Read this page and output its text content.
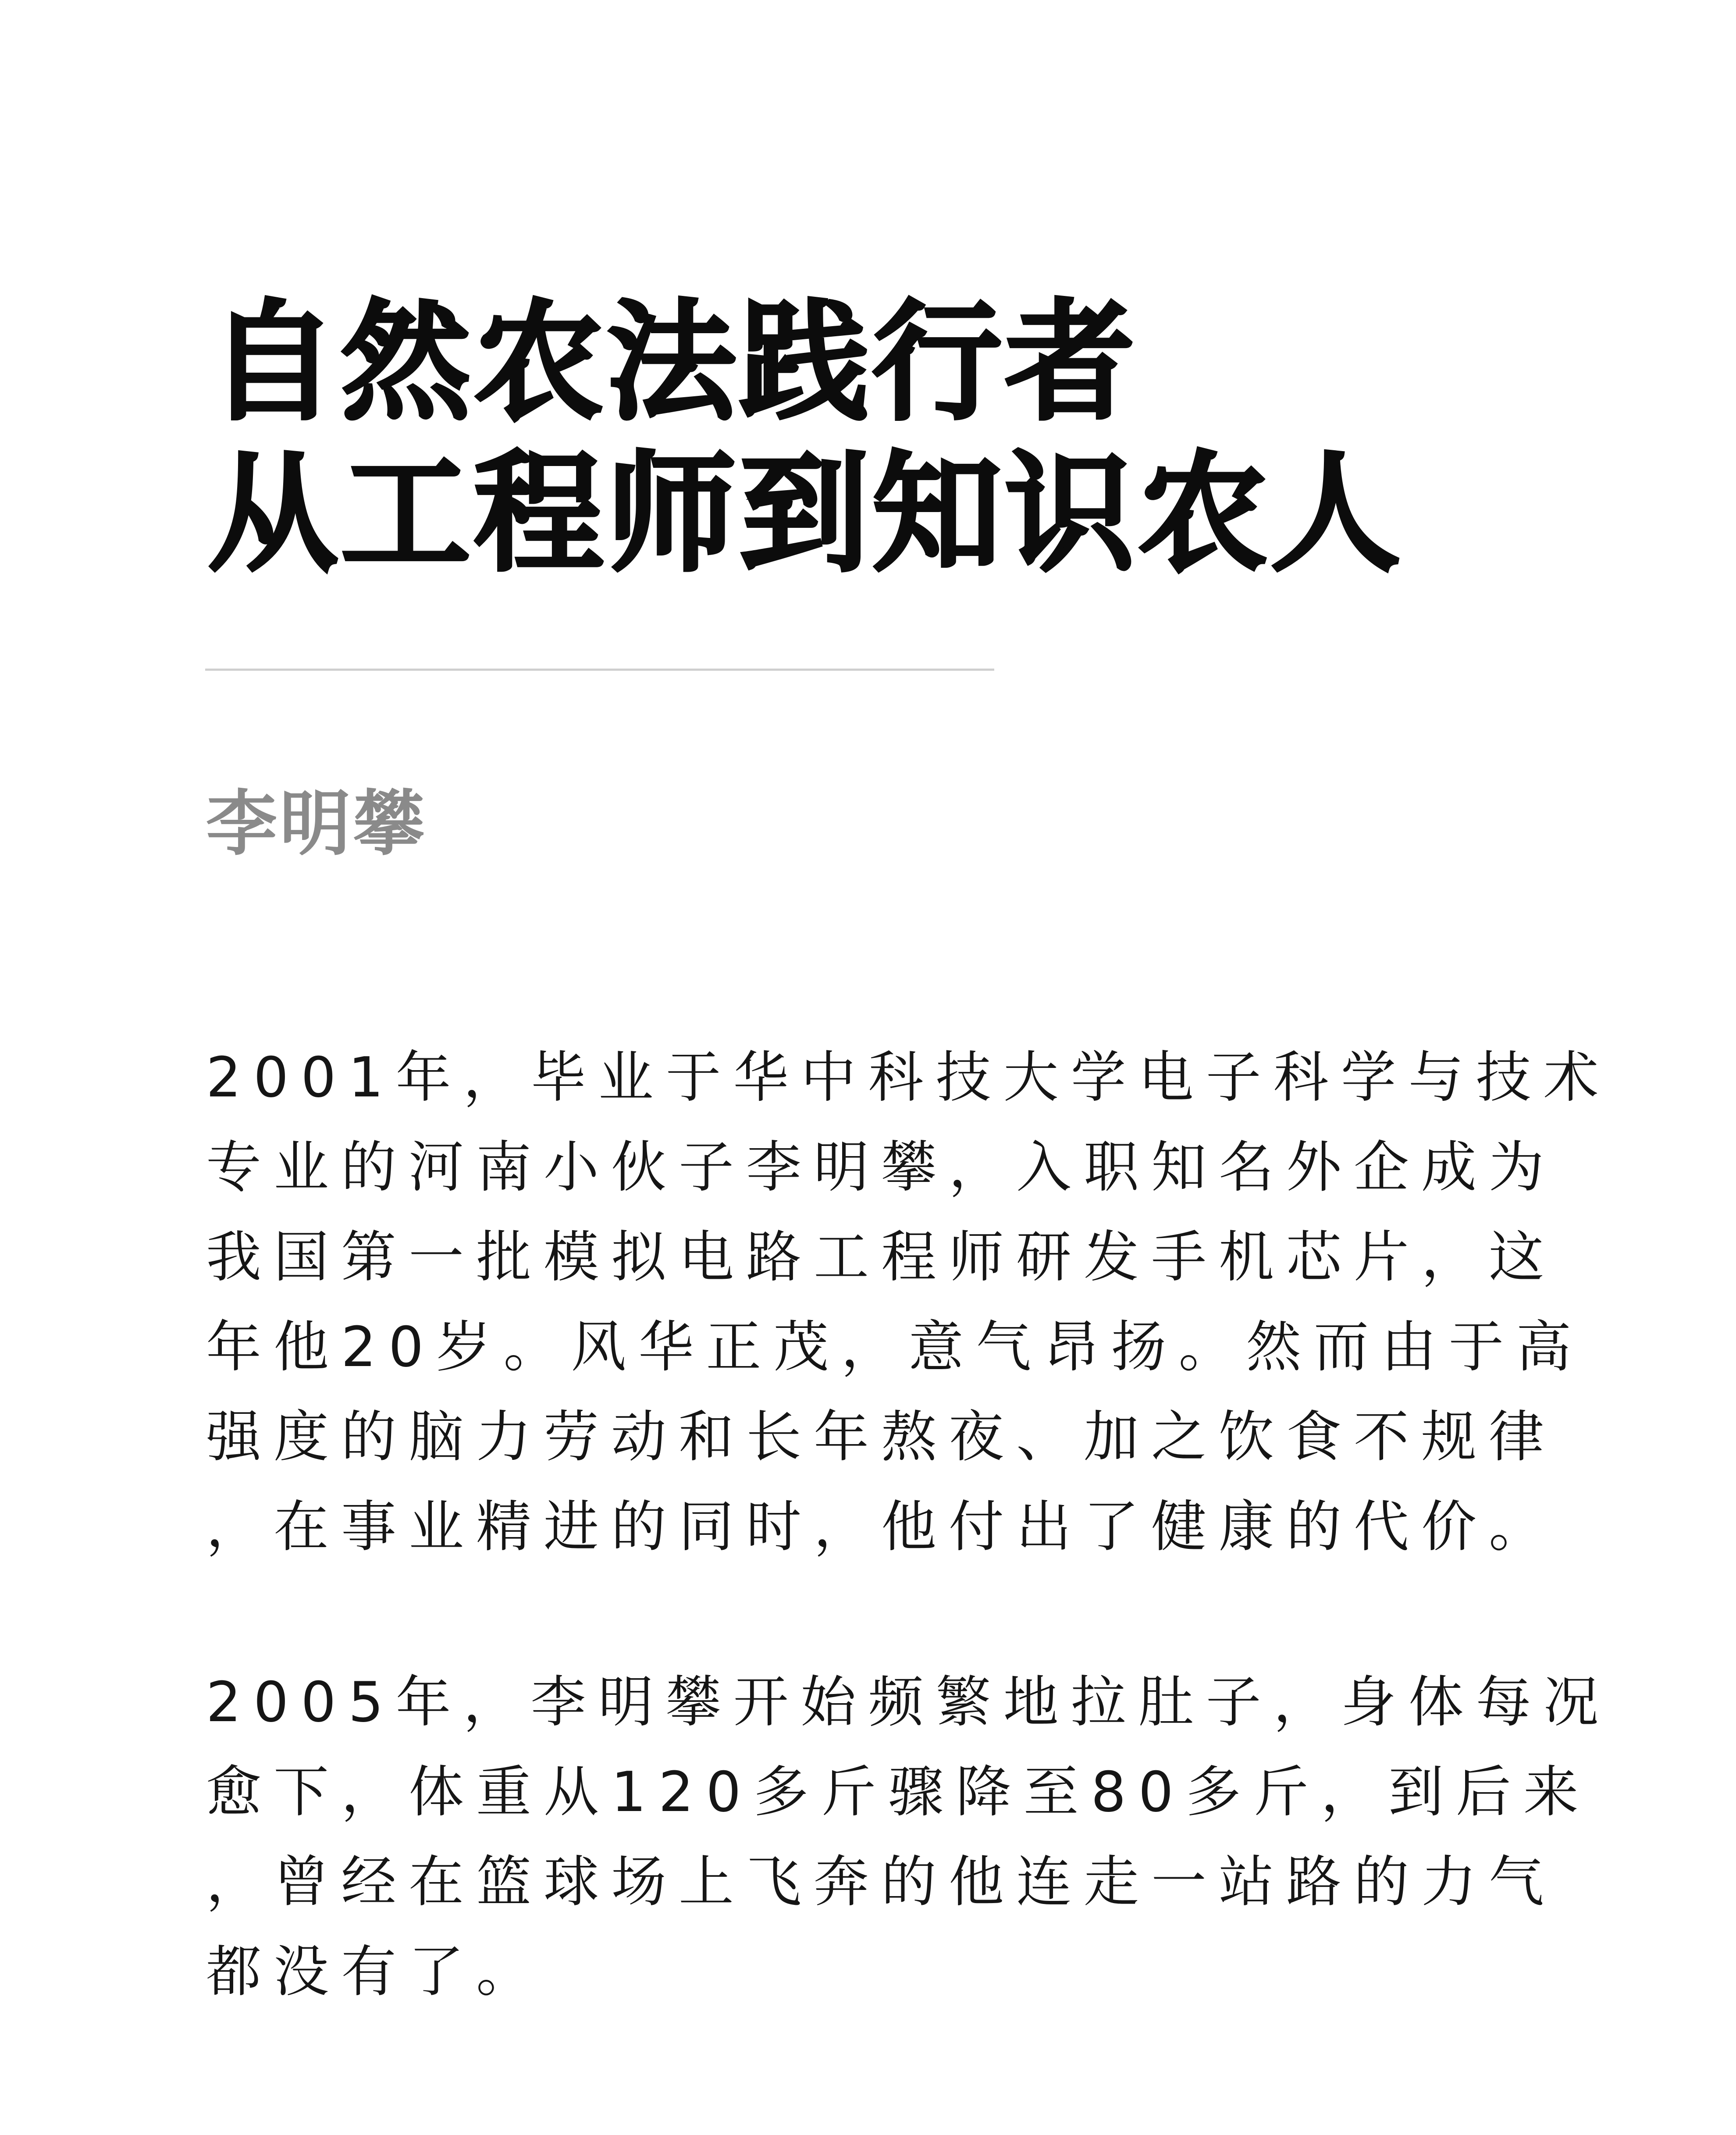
自然农法践行者
从工程师到知识农人

李明攀

2001年，毕业于华中科技大学电子科学与技术
专业的河南小伙子李明攀，入职知名外企成为
我国第一批模拟电路工程师研发手机芯片，这
年他20岁。风华正茂，意气昂扬。然而由于高
强度的脑力劳动和长年熬夜、加之饮食不规律
，在事业精进的同时，他付出了健康的代价。

2005年，李明攀开始频繁地拉肚子，身体每况
愈下，体重从120多斤骤降至80多斤，到后来
，曾经在篮球场上飞奔的他连走一站路的力气
都没有了。
